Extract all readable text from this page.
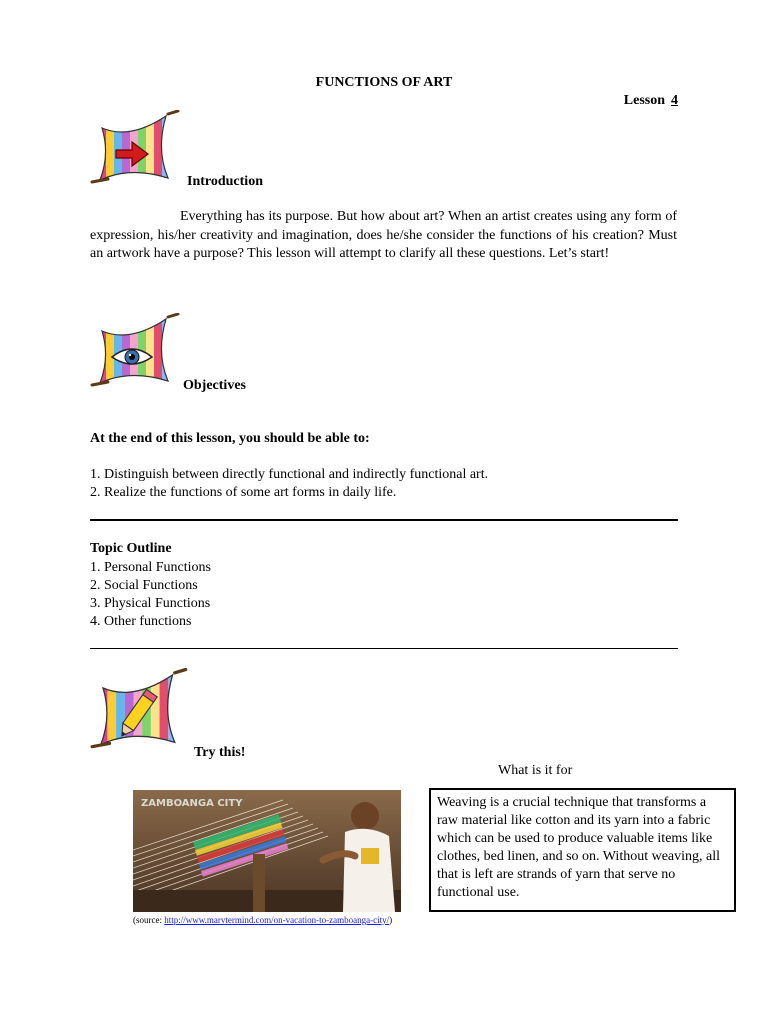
FUNCTIONS OF ART
Lesson 4
Introduction
Everything has its purpose. But how about art? When an artist creates using any form of expression, his/her creativity and imagination, does he/she consider the functions of his creation? Must an artwork have a purpose? This lesson will attempt to clarify all these questions. Let’s start!
Objectives
At the end of this lesson, you should be able to:
1. Distinguish between directly functional and indirectly functional art.
2. Realize the functions of some art forms in daily life.
Topic Outline
1. Personal Functions
2. Social Functions
3. Physical Functions
4. Other functions
Try this!
What is it for
ZAMBOANGA CITY
(source: http://www.marvtermind.com/on-vacation-to-zamboanga-city/)
Weaving is a crucial technique that transforms a raw material like cotton and its yarn into a fabric which can be used to produce valuable items like clothes, bed linen, and so on. Without weaving, all that is left are strands of yarn that serve no functional use.
